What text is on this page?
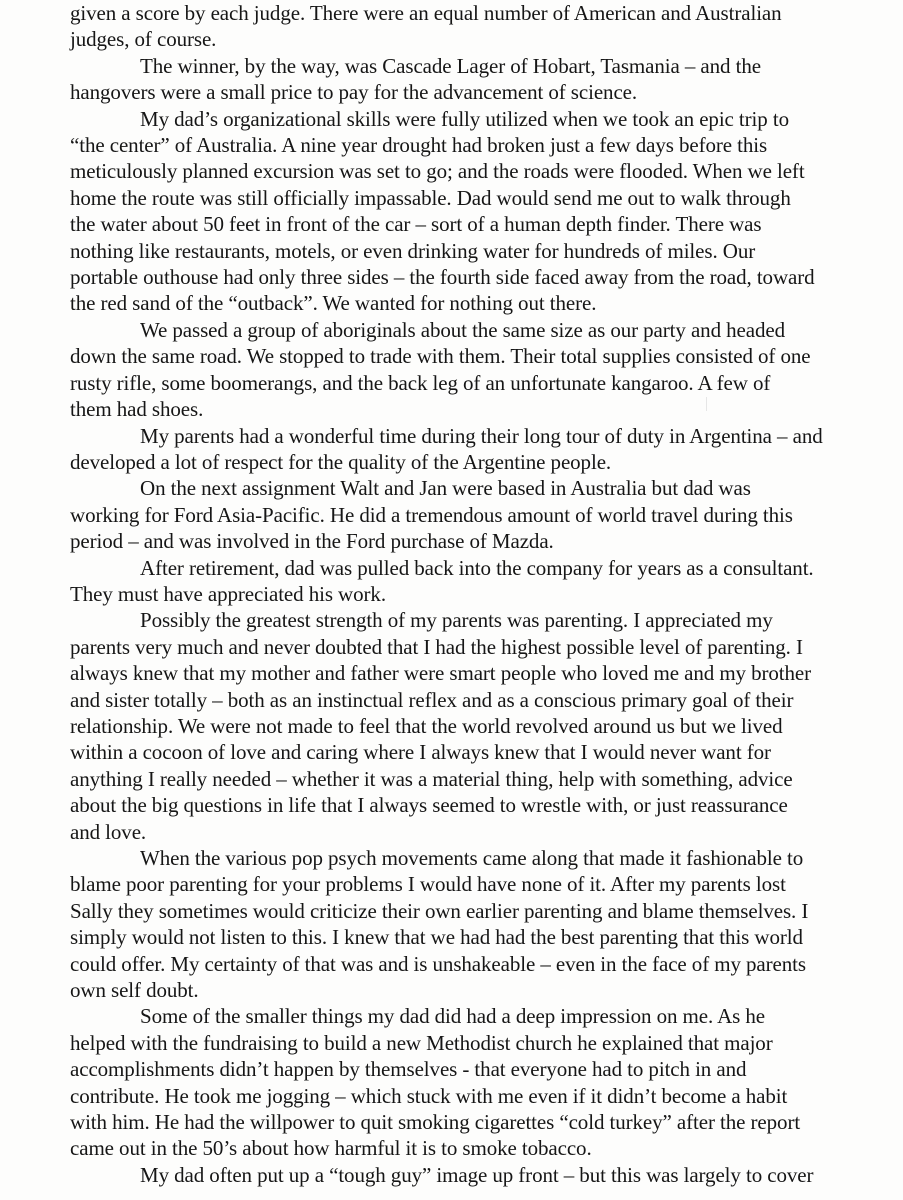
given a score by each judge. There were an equal number of American and Australian
judges, of course.
The winner, by the way, was Cascade Lager of Hobart, Tasmania – and the
hangovers were a small price to pay for the advancement of science.
My dad’s organizational skills were fully utilized when we took an epic trip to
“the center” of Australia. A nine year drought had broken just a few days before this
meticulously planned excursion was set to go; and the roads were flooded. When we left
home the route was still officially impassable. Dad would send me out to walk through
the water about 50 feet in front of the car – sort of a human depth finder. There was
nothing like restaurants, motels, or even drinking water for hundreds of miles. Our
portable outhouse had only three sides – the fourth side faced away from the road, toward
the red sand of the “outback”. We wanted for nothing out there.
We passed a group of aboriginals about the same size as our party and headed
down the same road. We stopped to trade with them. Their total supplies consisted of one
rusty rifle, some boomerangs, and the back leg of an unfortunate kangaroo. A few of
them had shoes.
My parents had a wonderful time during their long tour of duty in Argentina – and
developed a lot of respect for the quality of the Argentine people.
On the next assignment Walt and Jan were based in Australia but dad was
working for Ford Asia-Pacific. He did a tremendous amount of world travel during this
period – and was involved in the Ford purchase of Mazda.
After retirement, dad was pulled back into the company for years as a consultant.
They must have appreciated his work.
Possibly the greatest strength of my parents was parenting. I appreciated my
parents very much and never doubted that I had the highest possible level of parenting. I
always knew that my mother and father were smart people who loved me and my brother
and sister totally – both as an instinctual reflex and as a conscious primary goal of their
relationship. We were not made to feel that the world revolved around us but we lived
within a cocoon of love and caring where I always knew that I would never want for
anything I really needed – whether it was a material thing, help with something, advice
about the big questions in life that I always seemed to wrestle with, or just reassurance
and love.
When the various pop psych movements came along that made it fashionable to
blame poor parenting for your problems I would have none of it. After my parents lost
Sally they sometimes would criticize their own earlier parenting and blame themselves. I
simply would not listen to this. I knew that we had had the best parenting that this world
could offer. My certainty of that was and is unshakeable – even in the face of my parents
own self doubt.
Some of the smaller things my dad did had a deep impression on me. As he
helped with the fundraising to build a new Methodist church he explained that major
accomplishments didn’t happen by themselves - that everyone had to pitch in and
contribute. He took me jogging – which stuck with me even if it didn’t become a habit
with him. He had the willpower to quit smoking cigarettes “cold turkey” after the report
came out in the 50’s about how harmful it is to smoke tobacco.
My dad often put up a “tough guy” image up front – but this was largely to cover
